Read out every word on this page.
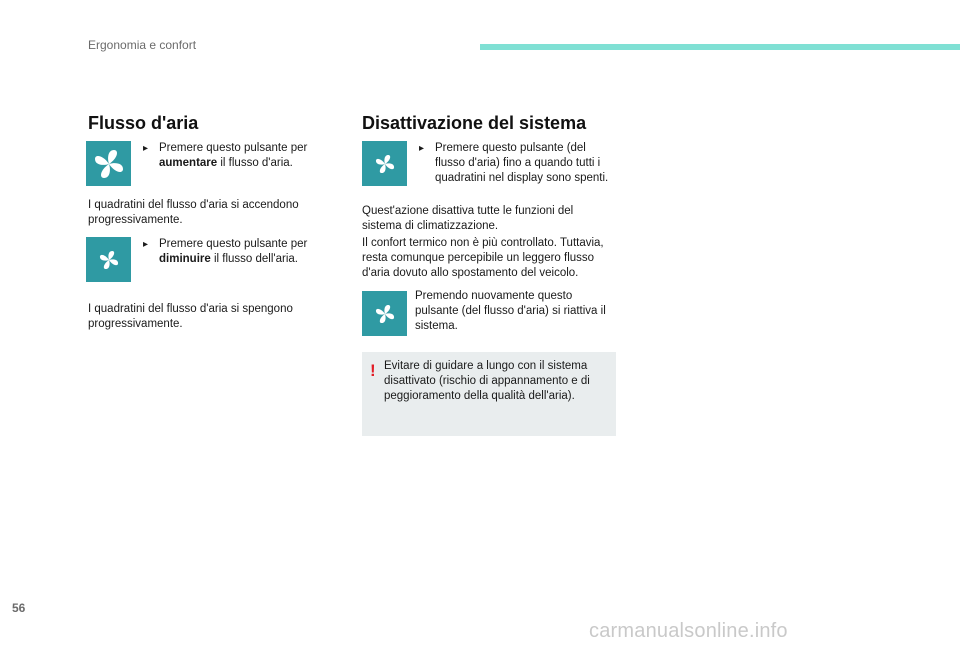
Ergonomia e confort
Flusso d'aria
▸ Premere questo pulsante per
aumentare il flusso d'aria.

I quadratini del flusso d'aria si accendono progressivamente.

▸ Premere questo pulsante per
diminuire il flusso dell'aria.

I quadratini del flusso d'aria si spengono progressivamente.

Disattivazione del sistema
▸ Premere questo pulsante (del flusso d'aria) fino a quando tutti i quadratini nel display sono spenti.

Quest'azione disattiva tutte le funzioni del sistema di climatizzazione.

Il confort termico non è più controllato. Tuttavia, resta comunque percepibile un leggero flusso d'aria dovuto allo spostamento del veicolo.

Premendo nuovamente questo pulsante (del flusso d'aria) si riattiva il sistema.

! Evitare di guidare a lungo con il sistema disattivato (rischio di appannamento e di peggioramento della qualità dell'aria).

56
carmanualsonline.info
